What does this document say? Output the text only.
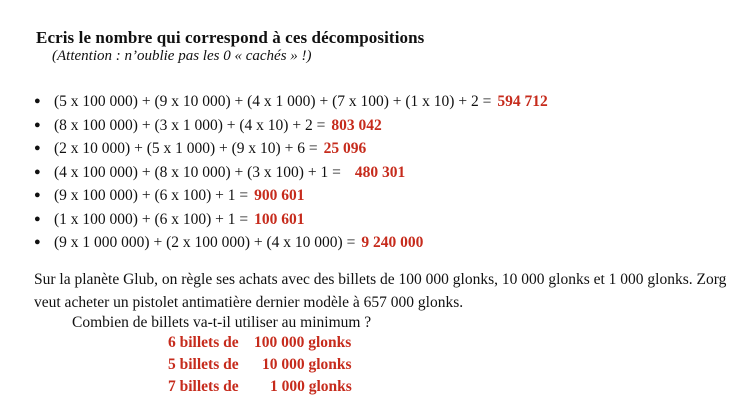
Ecris le nombre qui correspond à ces décompositions
(Attention : n’oublie pas les 0 « cachés » !)
● (5 x 100 000) + (9 x 10 000) + (4 x 1 000) + (7 x 100) + (1 x 10) + 2 = 594 712
● (8 x 100 000) + (3 x 1 000) + (4 x 10) + 2 = 803 042
● (2 x 10 000) + (5 x 1 000) + (9 x 10) + 6 = 25 096
● (4 x 100 000) + (8 x 10 000) + (3 x 100) + 1 = 480 301
● (9 x 100 000) + (6 x 100) + 1 = 900 601
● (1 x 100 000) + (6 x 100) + 1 = 100 601
● (9 x 1 000 000) + (2 x 100 000) + (4 x 10 000) = 9 240 000
Sur la planète Glub, on règle ses achats avec des billets de 100 000 glonks, 10 000 glonks et 1 000 glonks. Zorg veut acheter un pistolet antimatière dernier modèle à 657 000 glonks.
Combien de billets va-t-il utiliser au minimum ?
6 billets de 100 000 glonks
5 billets de 10 000 glonks
7 billets de 1 000 glonks
